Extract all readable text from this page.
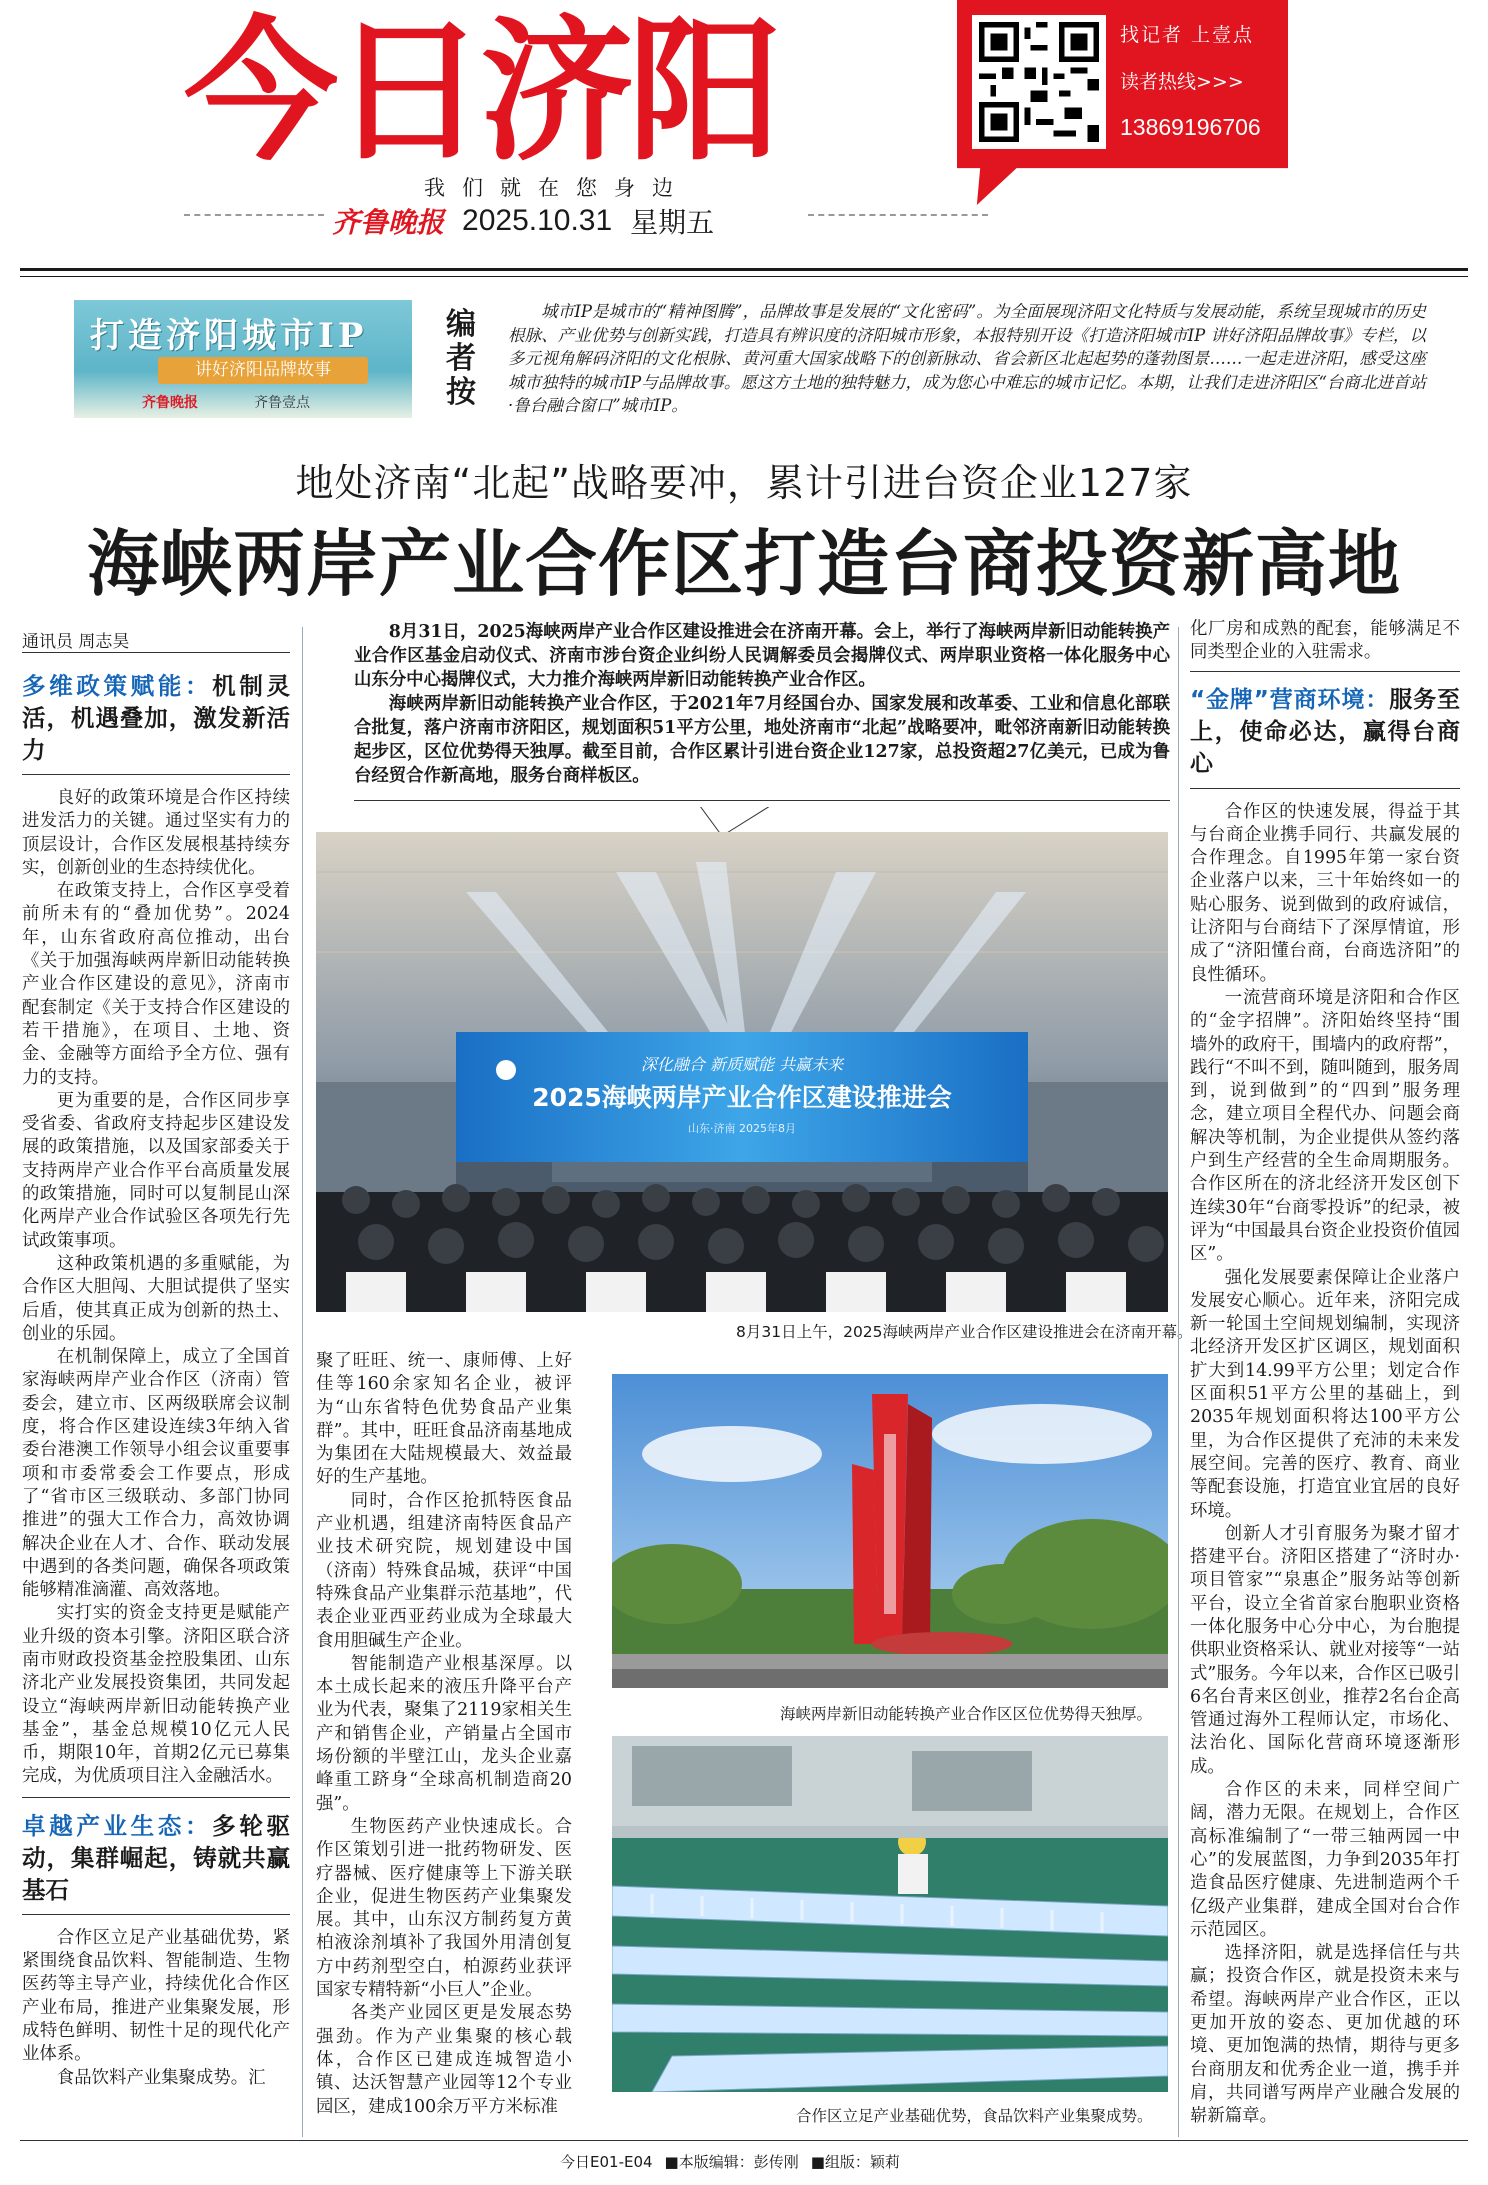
今日济阳
我们就在您身边
齐鲁晚报 2025.10.31 星期五
找记者 上壹点
读者热线>>>
13869196706
打造济阳城市IP
讲好济阳品牌故事
齐鲁晚报	齐鲁壹点
编者按
城市IP是城市的“精神图腾”，品牌故事是发展的“文化密码”。为全面展现济阳文化特质与发展动能，系统呈现城市的历史根脉、产业优势与创新实践，打造具有辨识度的济阳城市形象，本报特别开设《打造济阳城市IP 讲好济阳品牌故事》专栏，以多元视角解码济阳的文化根脉、黄河重大国家战略下的创新脉动、省会新区北起起势的蓬勃图景……一起走进济阳，感受这座城市独特的城市IP与品牌故事。愿这方土地的独特魅力，成为您心中难忘的城市记忆。本期，让我们走进济阳区“台商北进首站·鲁台融合窗口”城市IP。
地处济南“北起”战略要冲，累计引进台资企业127家
海峡两岸产业合作区打造台商投资新高地
通讯员 周志昊
多维政策赋能：机制灵活，机遇叠加，激发新活力

良好的政策环境是合作区持续进发活力的关键。通过坚实有力的顶层设计，合作区发展根基持续夯实，创新创业的生态持续优化。

在政策支持上，合作区享受着前所未有的“叠加优势”。2024年，山东省政府高位推动，出台《关于加强海峡两岸新旧动能转换产业合作区建设的意见》，济南市配套制定《关于支持合作区建设的若干措施》，在项目、土地、资金、金融等方面给予全方位、强有力的支持。

更为重要的是，合作区同步享受省委、省政府支持起步区建设发展的政策措施，以及国家部委关于支持两岸产业合作平台高质量发展的政策措施，同时可以复制昆山深化两岸产业合作试验区各项先行先试政策事项。

这种政策机遇的多重赋能，为合作区大胆闯、大胆试提供了坚实后盾，使其真正成为创新的热土、创业的乐园。

在机制保障上，成立了全国首家海峡两岸产业合作区（济南）管委会，建立市、区两级联席会议制度，将合作区建设连续3年纳入省委台港澳工作领导小组会议重要事项和市委常委会工作要点，形成了“省市区三级联动、多部门协同推进”的强大工作合力，高效协调解决企业在人才、合作、联动发展中遇到的各类问题，确保各项政策能够精准滴灌、高效落地。

实打实的资金支持更是赋能产业升级的资本引擎。济阳区联合济南市财政投资基金控股集团、山东济北产业发展投资集团，共同发起设立“海峡两岸新旧动能转换产业基金”，基金总规模10亿元人民币，期限10年，首期2亿元已募集完成，为优质项目注入金融活水。

卓越产业生态：多轮驱动，集群崛起，铸就共赢基石

合作区立足产业基础优势，紧紧围绕食品饮料、智能制造、生物医药等主导产业，持续优化合作区产业布局，推进产业集聚发展，形成特色鲜明、韧性十足的现代化产业体系。

食品饮料产业集聚成势。汇

8月31日，2025海峡两岸产业合作区建设推进会在济南开幕。会上，举行了海峡两岸新旧动能转换产业合作区基金启动仪式、济南市涉台资企业纠纷人民调解委员会揭牌仪式、两岸职业资格一体化服务中心山东分中心揭牌仪式，大力推介海峡两岸新旧动能转换产业合作区。

海峡两岸新旧动能转换产业合作区，于2021年7月经国台办、国家发展和改革委、工业和信息化部联合批复，落户济南市济阳区，规划面积51平方公里，地处济南市“北起”战略要冲，毗邻济南新旧动能转换起步区，区位优势得天独厚。截至目前，合作区累计引进台资企业127家，总投资超27亿美元，已成为鲁台经贸合作新高地，服务台商样板区。

深化融合 新质赋能 共赢未来
2025海峡两岸产业合作区建设推进会
山东·济南 2025年8月
8月31日上午，2025海峡两岸产业合作区建设推进会在济南开幕。

聚了旺旺、统一、康师傅、上好佳等160余家知名企业，被评为“山东省特色优势食品产业集群”。其中，旺旺食品济南基地成为集团在大陆规模最大、效益最好的生产基地。

同时，合作区抢抓特医食品产业机遇，组建济南特医食品产业技术研究院，规划建设中国（济南）特殊食品城，获评“中国特殊食品产业集群示范基地”，代表企业亚西亚药业成为全球最大食用胆碱生产企业。

智能制造产业根基深厚。以本土成长起来的液压升降平台产业为代表，聚集了2119家相关生产和销售企业，产销量占全国市场份额的半壁江山，龙头企业嘉峰重工跻身“全球高机制造商20强”。

生物医药产业快速成长。合作区策划引进一批药物研发、医疗器械、医疗健康等上下游关联企业，促进生物医药产业集聚发展。其中，山东汉方制药复方黄柏液涂剂填补了我国外用清创复方中药剂型空白，柏源药业获评国家专精特新“小巨人”企业。

各类产业园区更是发展态势强劲。作为产业集聚的核心载体，合作区已建成连城智造小镇、达沃智慧产业园等12个专业园区，建成100余万平方米标准

海峡两岸新旧动能转换产业合作区区位优势得天独厚。
合作区立足产业基础优势，食品饮料产业集聚成势。

化厂房和成熟的配套，能够满足不同类型企业的入驻需求。

“金牌”营商环境：服务至上，使命必达，赢得台商心

合作区的快速发展，得益于其与台商企业携手同行、共赢发展的合作理念。自1995年第一家台资企业落户以来，三十年始终如一的贴心服务、说到做到的政府诚信，让济阳与台商结下了深厚情谊，形成了“济阳懂台商，台商选济阳”的良性循环。

一流营商环境是济阳和合作区的“金字招牌”。济阳始终坚持“围墙外的政府干，围墙内的政府帮”，践行“不叫不到，随叫随到，服务周到，说到做到”的“四到”服务理念，建立项目全程代办、问题会商解决等机制，为企业提供从签约落户到生产经营的全生命周期服务。合作区所在的济北经济开发区创下连续30年“台商零投诉”的纪录，被评为“中国最具台资企业投资价值园区”。

强化发展要素保障让企业落户发展安心顺心。近年来，济阳完成新一轮国土空间规划编制，实现济北经济开发区扩区调区，规划面积扩大到14.99平方公里；划定合作区面积51平方公里的基础上，到2035年规划面积将达100平方公里，为合作区提供了充沛的未来发展空间。完善的医疗、教育、商业等配套设施，打造宜业宜居的良好环境。

创新人才引育服务为聚才留才搭建平台。济阳区搭建了“济时办·项目管家”“泉惠企”服务站等创新平台，设立全省首家台胞职业资格一体化服务中心分中心，为台胞提供职业资格采认、就业对接等“一站式”服务。今年以来，合作区已吸引6名台青来区创业，推荐2名台企高管通过海外工程师认定，市场化、法治化、国际化营商环境逐渐形成。

合作区的未来，同样空间广阔，潜力无限。在规划上，合作区高标准编制了“一带三轴两园一中心”的发展蓝图，力争到2035年打造食品医疗健康、先进制造两个千亿级产业集群，建成全国对台合作示范园区。

选择济阳，就是选择信任与共赢；投资合作区，就是投资未来与希望。海峡两岸产业合作区，正以更加开放的姿态、更加优越的环境、更加饱满的热情，期待与更多台商朋友和优秀企业一道，携手并肩，共同谱写两岸产业融合发展的崭新篇章。

今日E01-E04 ■本版编辑：彭传刚 ■组版：颖莉
